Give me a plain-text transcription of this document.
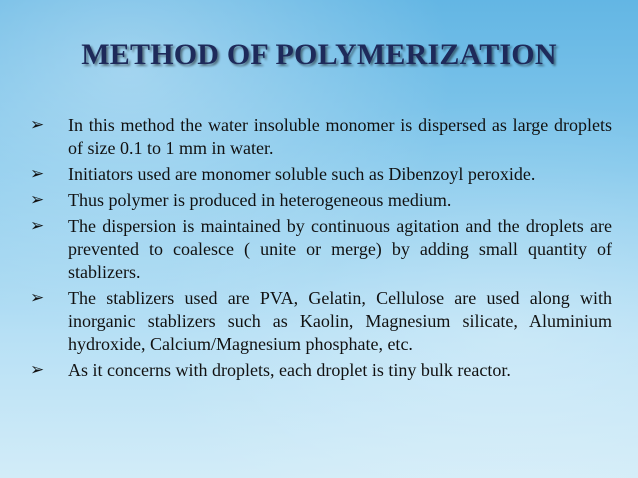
METHOD OF POLYMERIZATION
➢	In this method the water insoluble monomer is dispersed as large droplets of size 0.1 to 1 mm in water.
➢	Initiators used are monomer soluble such as Dibenzoyl peroxide.
➢	Thus polymer is produced in heterogeneous medium.
➢	The dispersion is maintained by continuous agitation and the droplets are prevented to coalesce ( unite or merge) by adding small quantity of stablizers.
➢	The stablizers used are PVA, Gelatin, Cellulose are used along with inorganic stablizers such as Kaolin, Magnesium silicate, Aluminium hydroxide, Calcium/Magnesium phosphate, etc.
➢	As it concerns with droplets, each droplet is tiny bulk reactor.
